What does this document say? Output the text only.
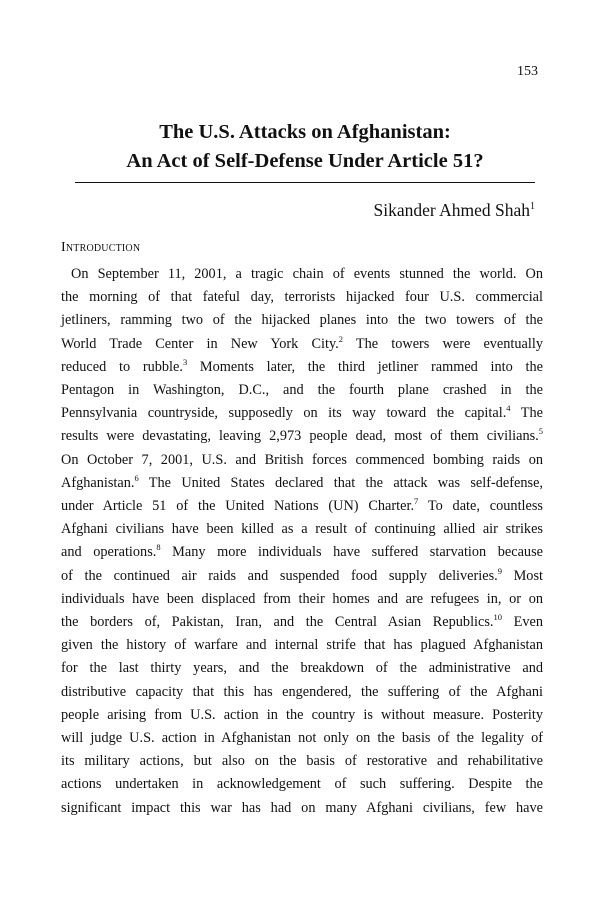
153
The U.S. Attacks on Afghanistan:
An Act of Self-Defense Under Article 51?
Sikander Ahmed Shah$^1$
Introduction
On September 11, 2001, a tragic chain of events stunned the world. On
the morning of that fateful day, terrorists hijacked four U.S. commercial
jetliners, ramming two of the hijacked planes into the two towers of the
World Trade Center in New York City.$^2$ The towers were eventually
reduced to rubble.$^3$ Moments later, the third jetliner rammed into the
Pentagon in Washington, D.C., and the fourth plane crashed in the
Pennsylvania countryside, supposedly on its way toward the capital.$^4$ The
results were devastating, leaving 2,973 people dead, most of them civilians.$^5$
On October 7, 2001, U.S. and British forces commenced bombing raids on
Afghanistan.$^6$ The United States declared that the attack was self-defense,
under Article 51 of the United Nations (UN) Charter.$^7$ To date, countless
Afghani civilians have been killed as a result of continuing allied air strikes
and operations.$^8$ Many more individuals have suffered starvation because
of the continued air raids and suspended food supply deliveries.$^9$ Most
individuals have been displaced from their homes and are refugees in, or on
the borders of, Pakistan, Iran, and the Central Asian Republics.$^{10}$ Even
given the history of warfare and internal strife that has plagued Afghanistan
for the last thirty years, and the breakdown of the administrative and
distributive capacity that this has engendered, the suffering of the Afghani
people arising from U.S. action in the country is without measure. Posterity
will judge U.S. action in Afghanistan not only on the basis of the legality of
its military actions, but also on the basis of restorative and rehabilitative
actions undertaken in acknowledgement of such suffering. Despite the
significant impact this war has had on many Afghani civilians, few have
